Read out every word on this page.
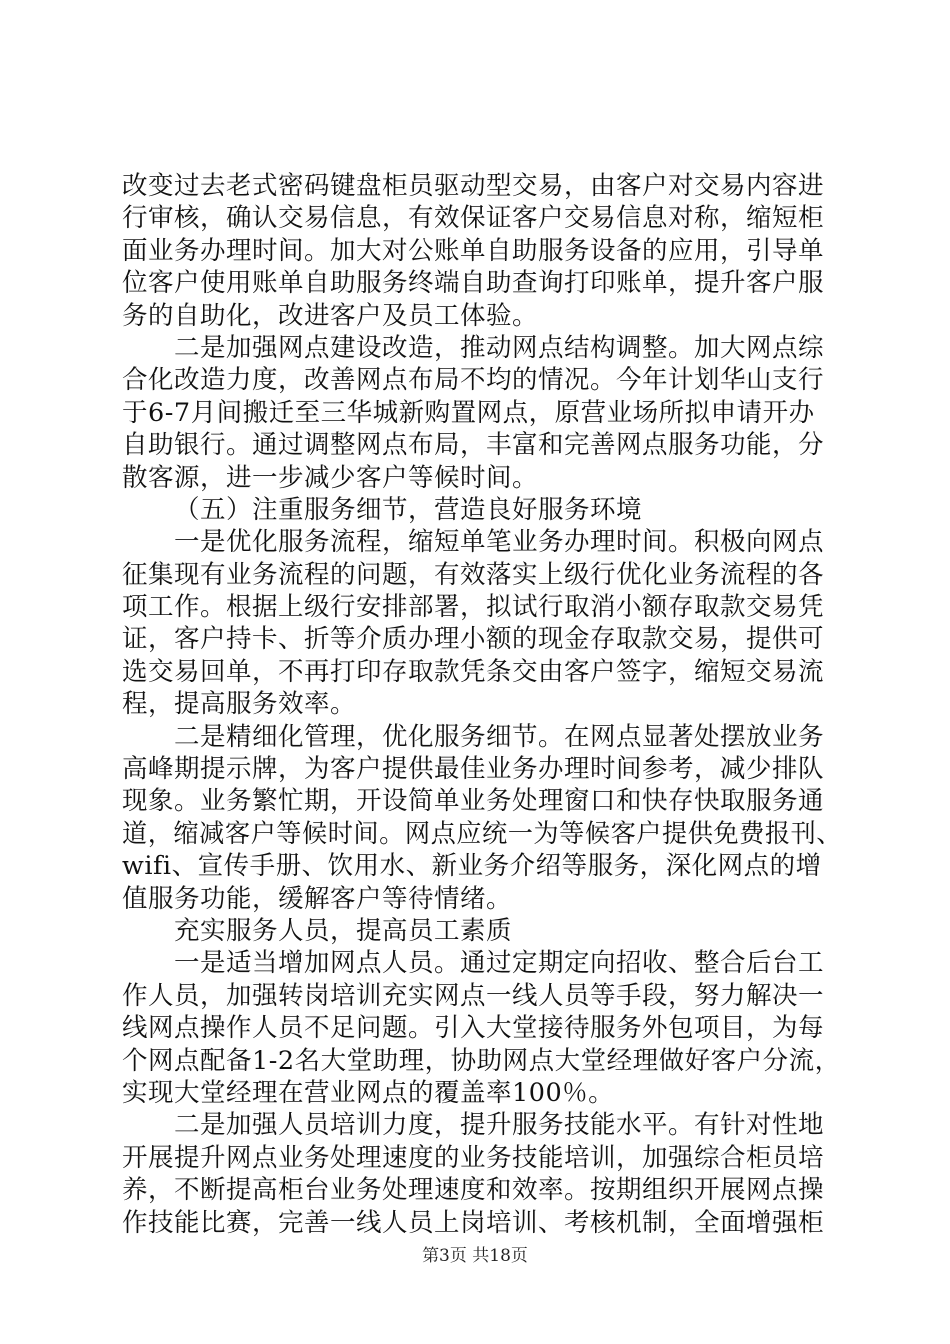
改变过去老式密码键盘柜员驱动型交易，由客户对交易内容进
行审核，确认交易信息，有效保证客户交易信息对称，缩短柜
面业务办理时间。加大对公账单自助服务设备的应用，引导单
位客户使用账单自助服务终端自助查询打印账单，提升客户服
务的自助化，改进客户及员工体验。
二是加强网点建设改造，推动网点结构调整。加大网点综
合化改造力度，改善网点布局不均的情况。今年计划华山支行
于6-7月间搬迁至三华城新购置网点，原营业场所拟申请开办
自助银行。通过调整网点布局，丰富和完善网点服务功能，分
散客源，进一步减少客户等候时间。
（五）注重服务细节，营造良好服务环境
一是优化服务流程，缩短单笔业务办理时间。积极向网点
征集现有业务流程的问题，有效落实上级行优化业务流程的各
项工作。根据上级行安排部署，拟试行取消小额存取款交易凭
证，客户持卡、折等介质办理小额的现金存取款交易，提供可
选交易回单，不再打印存取款凭条交由客户签字，缩短交易流
程，提高服务效率。
二是精细化管理，优化服务细节。在网点显著处摆放业务
高峰期提示牌，为客户提供最佳业务办理时间参考，减少排队
现象。业务繁忙期，开设简单业务处理窗口和快存快取服务通
道，缩减客户等候时间。网点应统一为等候客户提供免费报刊、
wifi、宣传手册、饮用水、新业务介绍等服务，深化网点的增
值服务功能，缓解客户等待情绪。
充实服务人员，提高员工素质
一是适当增加网点人员。通过定期定向招收、整合后台工
作人员，加强转岗培训充实网点一线人员等手段，努力解决一
线网点操作人员不足问题。引入大堂接待服务外包项目，为每
个网点配备1-2名大堂助理，协助网点大堂经理做好客户分流，
实现大堂经理在营业网点的覆盖率100％。
二是加强人员培训力度，提升服务技能水平。有针对性地
开展提升网点业务处理速度的业务技能培训，加强综合柜员培
养，不断提高柜台业务处理速度和效率。按期组织开展网点操
作技能比赛，完善一线人员上岗培训、考核机制，全面增强柜
第3页 共18页
